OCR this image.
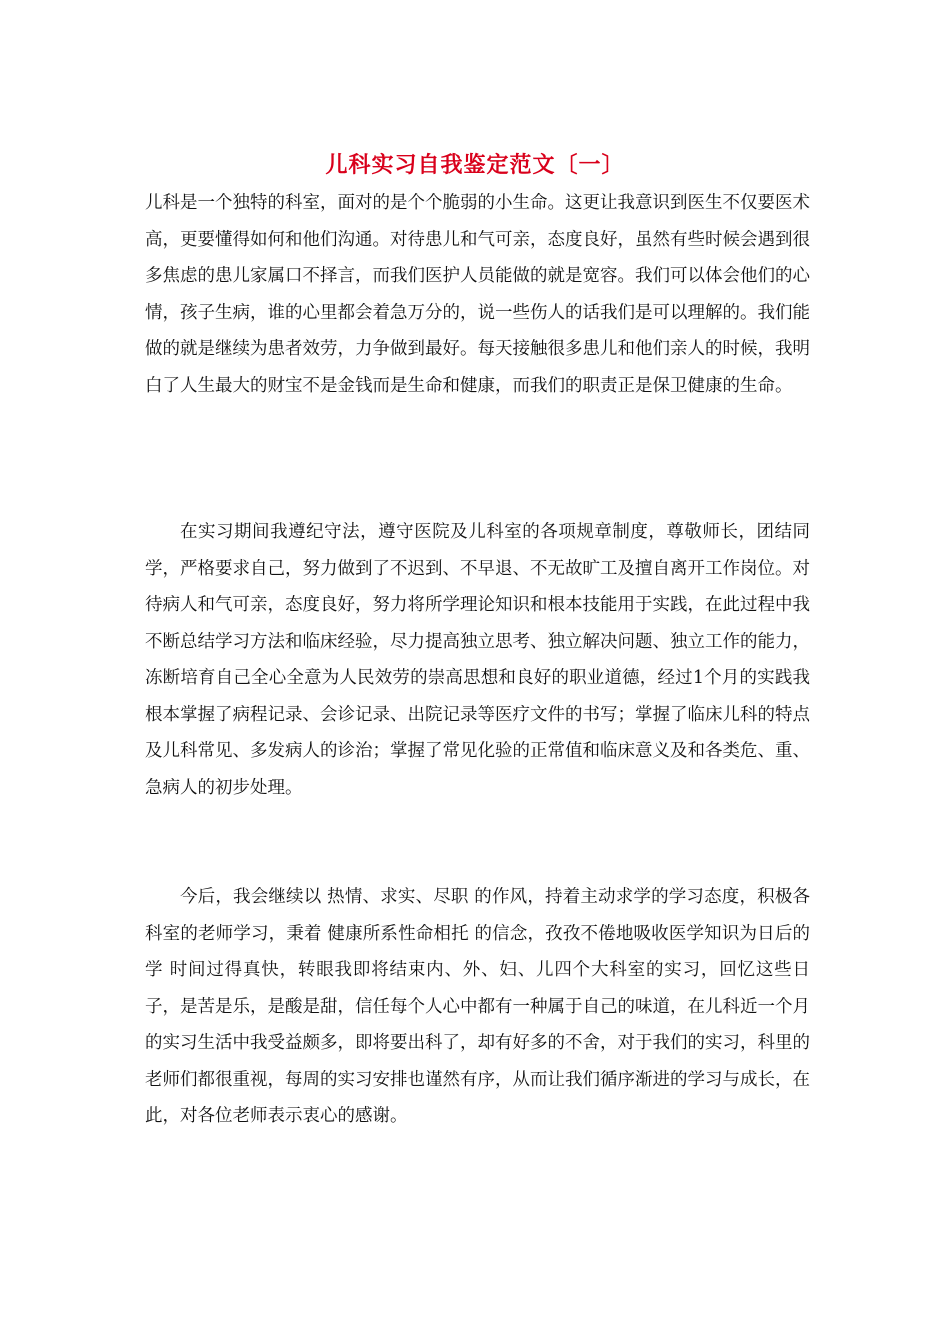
儿科实习自我鉴定范文〔一〕

儿科是一个独特的科室，面对的是个个脆弱的小生命。这更让我意识到医生不仅要医术高，更要懂得如何和他们沟通。对待患儿和气可亲，态度良好，虽然有些时候会遇到很多焦虑的患儿家属口不择言，而我们医护人员能做的就是宽容。我们可以体会他们的心情，孩子生病，谁的心里都会着急万分的，说一些伤人的话我们是可以理解的。我们能做的就是继续为患者效劳，力争做到最好。每天接触很多患儿和他们亲人的时候，我明白了人生最大的财宝不是金钱而是生命和健康，而我们的职责正是保卫健康的生命。

在实习期间我遵纪守法，遵守医院及儿科室的各项规章制度，尊敬师长，团结同学，严格要求自己，努力做到了不迟到、不早退、不无故旷工及擅自离开工作岗位。对待病人和气可亲，态度良好，努力将所学理论知识和根本技能用于实践，在此过程中我不断总结学习方法和临床经验，尽力提高独立思考、独立解决问题、独立工作的能力，冻断培育自己全心全意为人民效劳的崇高思想和良好的职业道德，经过1个月的实践我根本掌握了病程记录、会诊记录、出院记录等医疗文件的书写；掌握了临床儿科的特点及儿科常见、多发病人的诊治；掌握了常见化验的正常值和临床意义及和各类危、重、急病人的初步处理。

今后，我会继续以 热情、求实、尽职 的作风，持着主动求学的学习态度，积极各科室的老师学习，秉着 健康所系性命相托 的信念，孜孜不倦地吸收医学知识为日后的学 时间过得真快，转眼我即将结束内、外、妇、儿四个大科室的实习，回忆这些日子，是苦是乐，是酸是甜，信任每个人心中都有一种属于自己的味道，在儿科近一个月的实习生活中我受益颇多，即将要出科了，却有好多的不舍，对于我们的实习，科里的老师们都很重视，每周的实习安排也谨然有序，从而让我们循序渐进的学习与成长，在此，对各位老师表示衷心的感谢。
